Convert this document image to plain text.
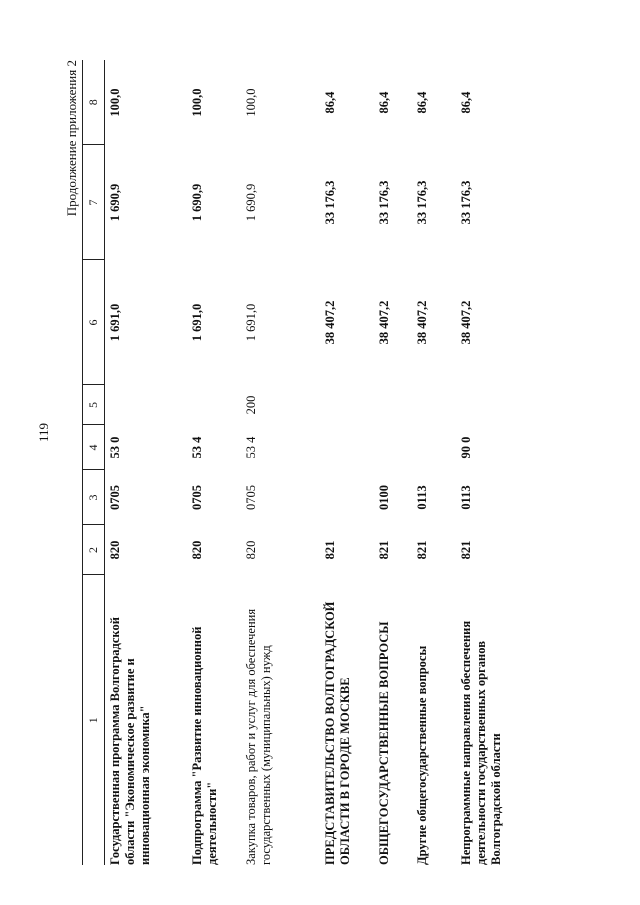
119
Продолжение приложения 2
1	2	3	4	5	6	7	8
Государственная программа Волгоградской области "Экономическое развитие и инновационная экономика"	820	0705	53 0		1 691,0	1 690,9	100,0
Подпрограмма "Развитие инновационной деятельности"	820	0705	53 4		1 691,0	1 690,9	100,0
Закупка товаров, работ и услуг для обеспечения государственных (муниципальных) нужд	820	0705	53 4	200	1 691,0	1 690,9	100,0
ПРЕДСТАВИТЕЛЬСТВО ВОЛГОГРАДСКОЙ ОБЛАСТИ В ГОРОДЕ МОСКВЕ	821				38 407,2	33 176,3	86,4
ОБЩЕГОСУДАРСТВЕННЫЕ ВОПРОСЫ	821	0100			38 407,2	33 176,3	86,4
Другие общегосударственные вопросы	821	0113			38 407,2	33 176,3	86,4
Непрограммные направления обеспечения деятельности государственных органов Волгоградской области	821	0113	90 0		38 407,2	33 176,3	86,4
